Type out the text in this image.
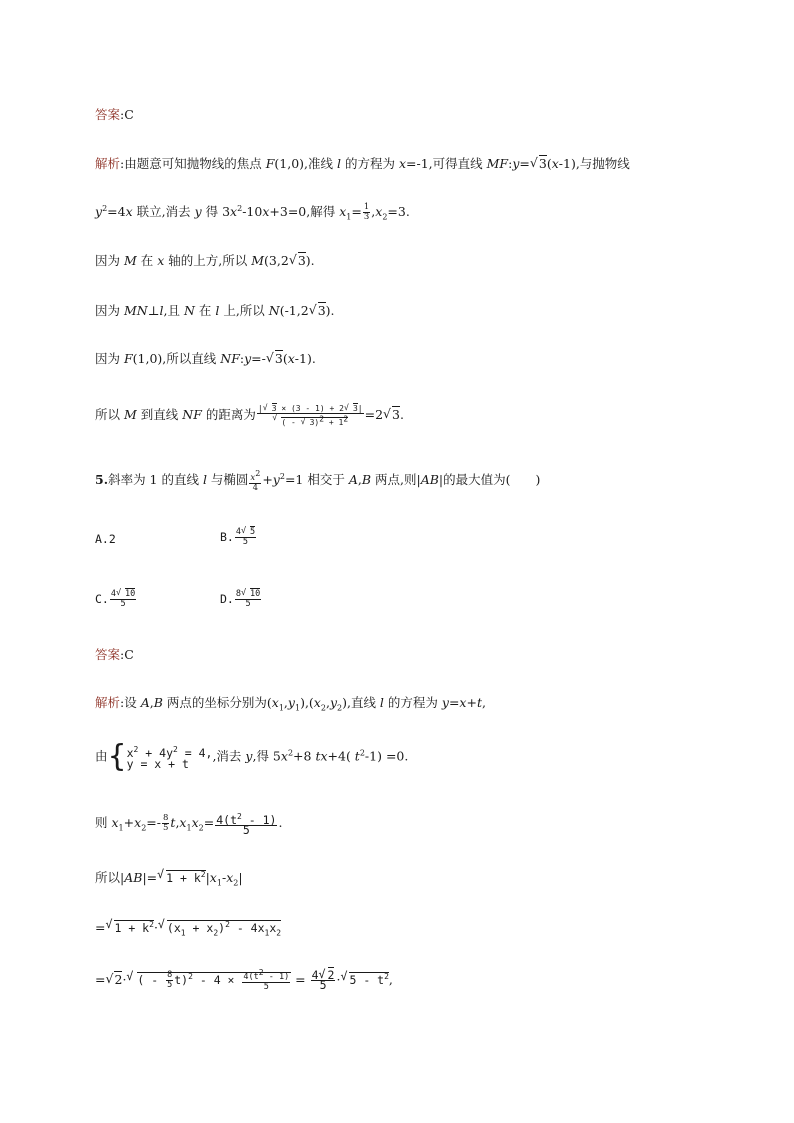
答案:C
解析:由题意可知抛物线的焦点 F(1,0),准线 l 的方程为 x=-1,可得直线 MF:y=√ 3(x-1),与抛物线
$y^2=4x$ 联立,消去 y 得 $3x^2-10x+3=0$,解得 $x_1= \frac{1}{3} ,x_2=3$.
因为 M 在 x 轴的上方,所以 M(3,2√ 3).
因为 MN⊥l,且 N 在 l 上,所以 N(-1,2√ 3).
因为 F(1,0),所以直线 NF:y=-√ 3(x-1).
所以 M 到直线 NF 的距离为 |√ 3 × (3 - 1) + 2√ 3|
√ ( - √ $3)^2 + 1^2 =2√$ 3.
5.斜率为 1 的直线 l 与椭圆 $\frac{x^2}{4} +y^2=1$ 相交于 A,B 两点,则|AB|的最大值为(　　)
A.2	B. $\frac{4√ 5}{5}$
C. $\frac{4√ 10}{5}$	D. $\frac{8√ 10}{5}$
答案:C
解析:设 A,B 两点的坐标分别为$(x_1,y_1),(x_2,y_2)$,直线 l 的方程为 y=x+t,
由{ $x^2 + 4y^2 = 4$,
y = x + t
,消去 y,得 $5x^2+8$ tx+4( $t^2-1) =0$.
则 $x_1+x_2=- \frac{8}{5} t,x_1x_2= \frac{4(t^2 - 1)}{5}$ .
所以|AB|=√ $1 + k^2|x_1-x_2|$
=√ $1 + k^2\cdot√$ $(x_1 + x_2)^2 - 4x_1x_2$
=√ 2·√ ( - $\frac{8}{5} t)^2 - 4 \times \frac{4(t^2 - 1)}{5} = \frac{4√ 2}{5}$ ·√ $5 - t^2$,
